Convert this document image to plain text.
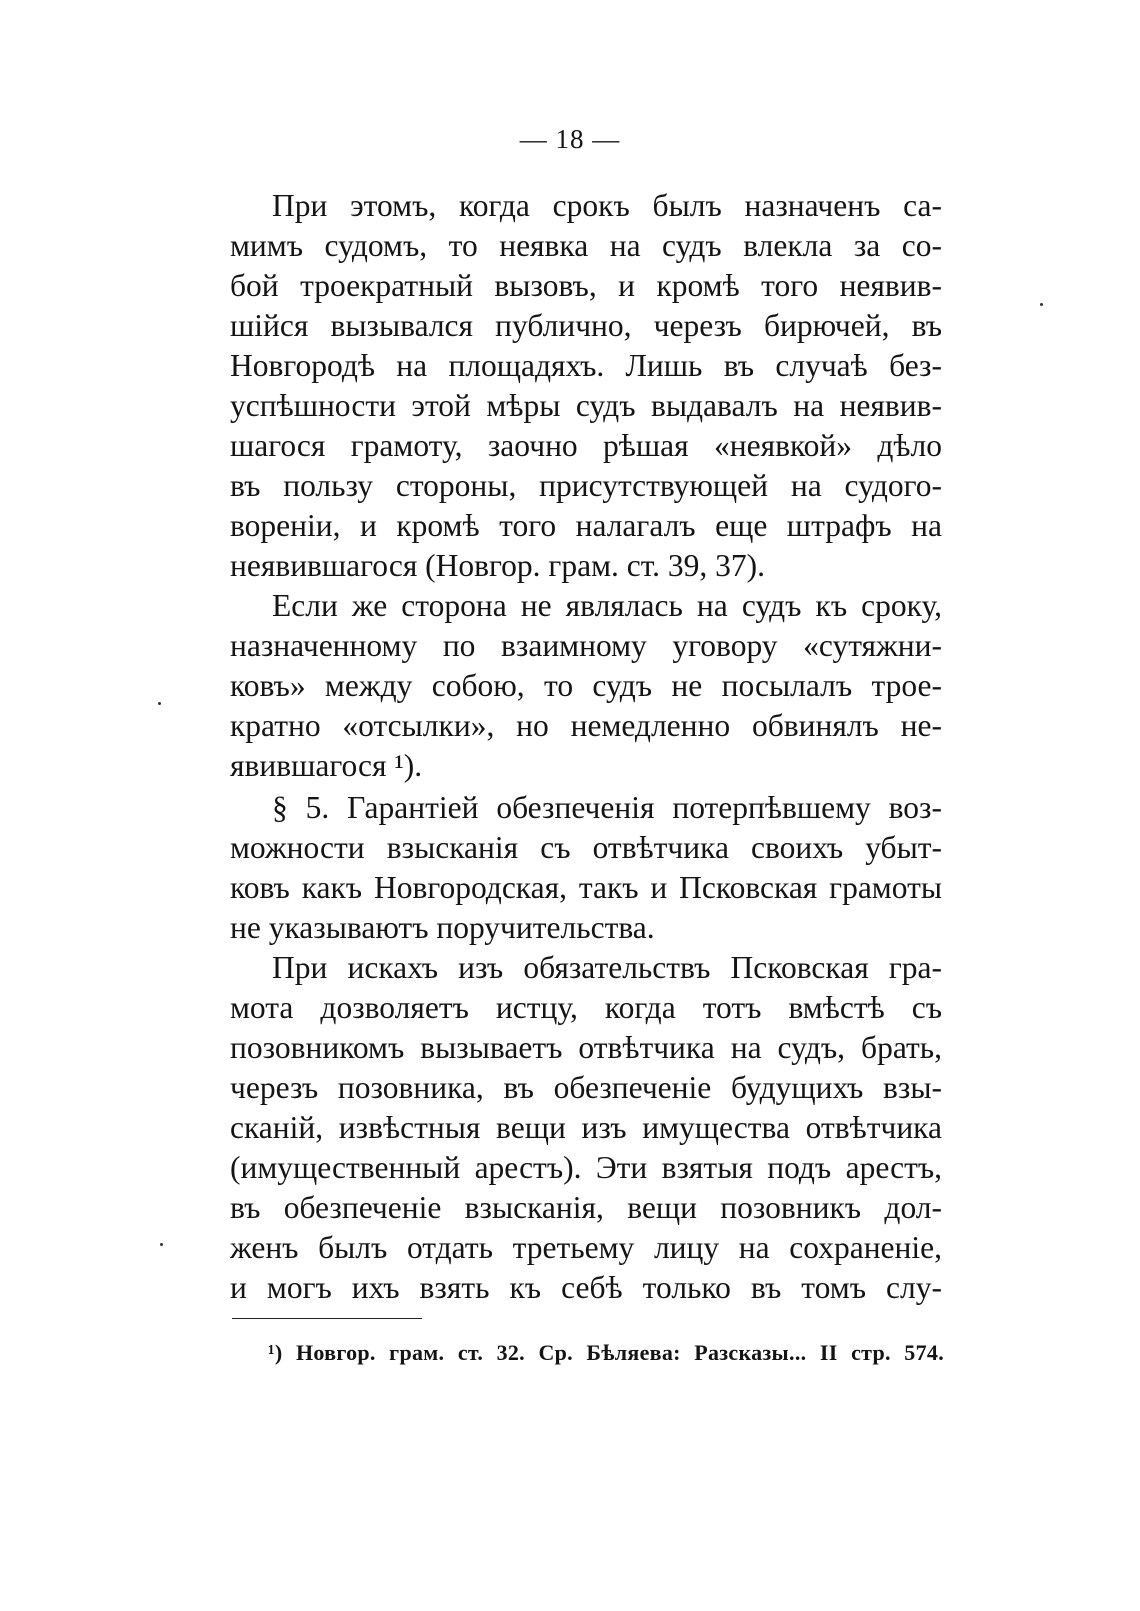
— 18 —
При этомъ, когда срокъ былъ назначенъ са-
мимъ судомъ, то неявка на судъ влекла за со-
бой троекратный вызовъ, и кромѣ того неявив-
шійся вызывался публично, черезъ бирючей, въ
Новгородѣ на площадяхъ. Лишь въ случаѣ без-
успѣшности этой мѣры судъ выдавалъ на неявив-
шагося грамоту, заочно рѣшая «неявкой» дѣло
въ пользу стороны, присутствующей на судого-
вореніи, и кромѣ того налагалъ еще штрафъ на
неявившагося (Новгор. грам. ст. 39, 37).
Если же сторона не являлась на судъ къ сроку,
назначенному по взаимному уговору «сутяжни-
ковъ» между собою, то судъ не посылалъ трое-
кратно «отсылки», но немедленно обвинялъ не-
явившагося ¹).
§ 5. Гарантіей обезпеченія потерпѣвшему воз-
можности взысканія съ отвѣтчика своихъ убыт-
ковъ какъ Новгородская, такъ и Псковская грамоты
не указываютъ поручительства.
При искахъ изъ обязательствъ Псковская гра-
мота дозволяетъ истцу, когда тотъ вмѣстѣ съ
позовникомъ вызываетъ отвѣтчика на судъ, брать,
черезъ позовника, въ обезпеченіе будущихъ взы-
сканій, извѣстныя вещи изъ имущества отвѣтчика
(имущественный арестъ). Эти взятыя подъ арестъ,
въ обезпеченіе взысканія, вещи позовникъ дол-
женъ былъ отдать третьему лицу на сохраненіе,
и могъ ихъ взять къ себѣ только въ томъ слу-
¹) Новгор. грам. ст. 32. Ср. Бѣляева: Разсказы... II стр. 574.
